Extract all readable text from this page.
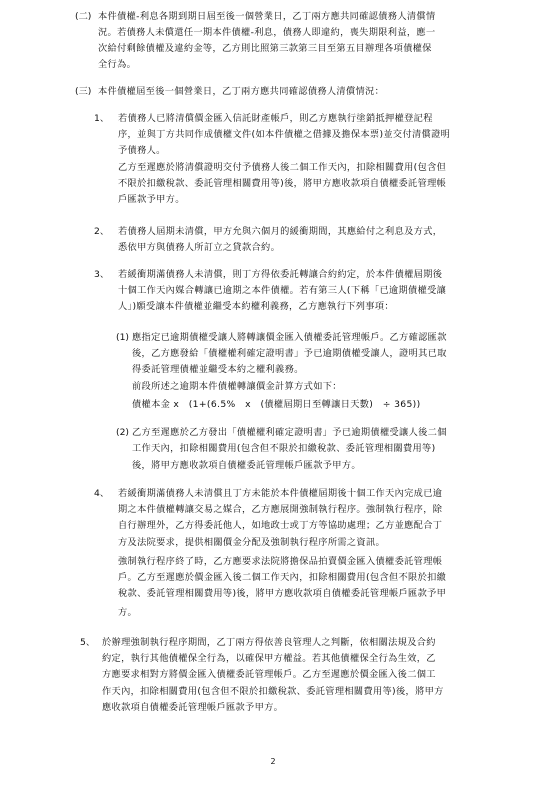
(二) 本件債權-利息各期到期日屆至後一個營業日，乙丁兩方應共同確認債務人清償情
況。若債務人未償還任一期本件債權-利息，債務人即違約，喪失期限利益，應一
次給付剩餘債權及違約金等，乙方則比照第三款第三目至第五目辦理各項債權保
全行為。
(三) 本件債權屆至後一個營業日，乙丁兩方應共同確認債務人清償情況：
1、 若債務人已將清償價金匯入信託財產帳戶，則乙方應執行塗銷抵押權登記程
序，並與丁方共同作成債權文件(如本件債權之借據及擔保本票)並交付清償證明
予債務人。
乙方至遲應於將清償證明交付予債務人後二個工作天內，扣除相關費用(包含但
不限於扣繳稅款、委託管理相關費用等)後，將甲方應收款項自債權委託管理帳
戶匯款予甲方。
2、 若債務人屆期未清償，甲方允與六個月的緩衝期間，其應給付之利息及方式，
悉依甲方與債務人所訂立之貸款合約。
3、 若緩衝期滿債務人未清償，則丁方得依委託轉讓合約約定，於本件債權屆期後
十個工作天內媒合轉讓已逾期之本件債權。若有第三人(下稱「已逾期債權受讓
人」)願受讓本件債權並繼受本約權利義務，乙方應執行下列事項：
(1) 應指定已逾期債權受讓人將轉讓價金匯入債權委託管理帳戶。乙方確認匯款
後，乙方應發給「債權權利確定證明書」予已逾期債權受讓人，證明其已取
得委託管理債權並繼受本約之權利義務。
前段所述之逾期本件債權轉讓價金計算方式如下：
債權本金 x　(1+(6.5%　x　(債權屆期日至轉讓日天數)　÷ 365))
(2) 乙方至遲應於乙方發出「債權權利確定證明書」予已逾期債權受讓人後二個
工作天內，扣除相關費用(包含但不限於扣繳稅款、委託管理相關費用等)
後，將甲方應收款項自債權委託管理帳戶匯款予甲方。
4、 若緩衝期滿債務人未清償且丁方未能於本件債權屆期後十個工作天內完成已逾
期之本件債權轉讓交易之媒合，乙方應展開強制執行程序。強制執行程序，除
自行辦理外，乙方得委託他人，如地政士或丁方等協助處理；乙方並應配合丁
方及法院要求，提供相關價金分配及強制執行程序所需之資訊。
強制執行程序終了時，乙方應要求法院將擔保品拍賣價金匯入債權委託管理帳
戶。乙方至遲應於價金匯入後二個工作天內，扣除相關費用(包含但不限於扣繳
稅款、委託管理相關費用等)後，將甲方應收款項自債權委託管理帳戶匯款予甲
方。
5、 於辦理強制執行程序期間，乙丁兩方得依善良管理人之判斷，依相關法規及合約
約定，執行其他債權保全行為，以確保甲方權益。若其他債權保全行為生效，乙
方應要求相對方將價金匯入債權委託管理帳戶。乙方至遲應於價金匯入後二個工
作天內，扣除相關費用(包含但不限於扣繳稅款、委託管理相關費用等)後，將甲方
應收款項自債權委託管理帳戶匯款予甲方。
2
